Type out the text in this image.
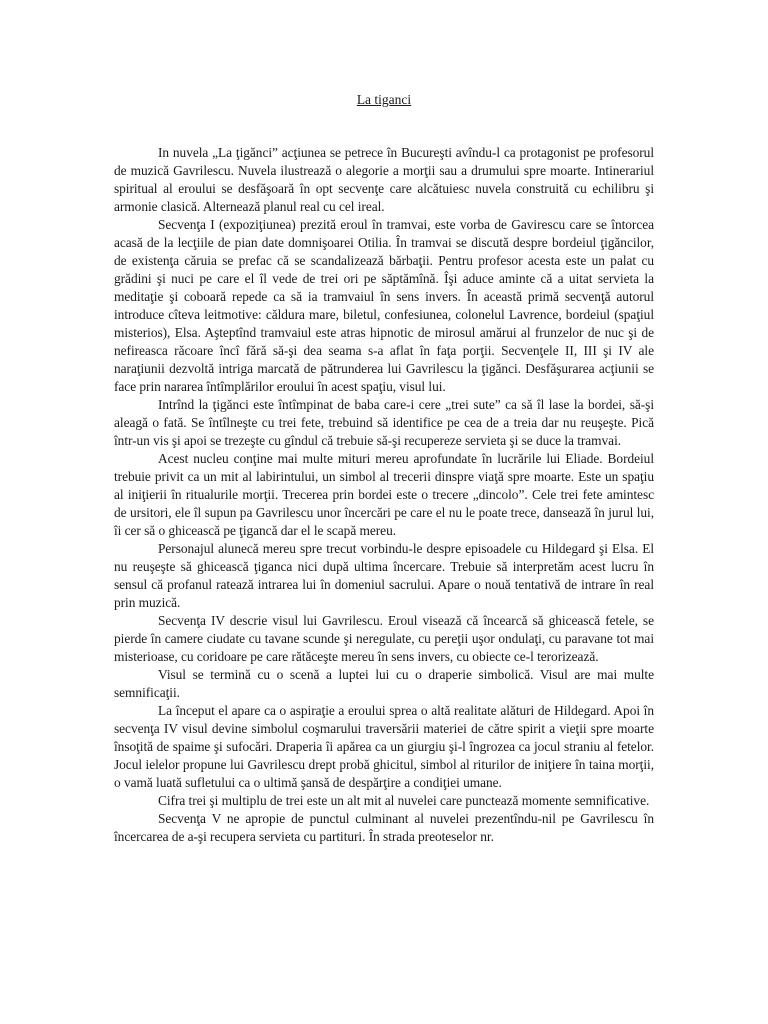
La tiganci

In nuvela „La ţigănci” acţiunea se petrece în Bucureşti avîndu-l ca protagonist pe profesorul de muzică Gavrilescu. Nuvela ilustrează o alegorie a morţii sau a drumului spre moarte. Intinerariul spiritual al eroului se desfăşoară în opt secvenţe care alcătuiesc nuvela construită cu echilibru şi armonie clasică. Alternează planul real cu cel ireal.

Secvenţa I (expoziţiunea) prezită eroul în tramvai, este vorba de Gavirescu care se întorcea acasă de la lecţiile de pian date domnişoarei Otilia. În tramvai se discută despre bordeiul ţigăncilor, de existenţa căruia se prefac că se scandalizează bărbaţii. Pentru profesor acesta este un palat cu grădini şi nuci pe care el îl vede de trei ori pe săptămînă. Îşi aduce aminte că a uitat servieta la meditaţie şi coboară repede ca să ia tramvaiul în sens invers. În această primă secvenţă autorul introduce cîteva leitmotive: căldura mare, biletul, confesiunea, colonelul Lavrence, bordeiul (spaţiul misterios), Elsa. Aşteptînd tramvaiul este atras hipnotic de mirosul amărui al frunzelor de nuc şi de nefireasca răcoare încî fără să-şi dea seama s-a aflat în faţa porţii. Secvenţele II, III şi IV ale naraţiunii dezvoltă intriga marcată de pătrunderea lui Gavrilescu la ţigănci. Desfăşurarea acţiunii se face prin nararea întîmplărilor eroului în acest spaţiu, visul lui.

Intrînd la ţigănci este întîmpinat de baba care-i cere „trei sute” ca să îl lase la bordei, să-şi aleagă o fată. Se întîlneşte cu trei fete, trebuind să identifice pe cea de a treia dar nu reuşeşte. Pică într-un vis şi apoi se trezeşte cu gîndul că trebuie să-şi recupereze servieta şi se duce la tramvai.

Acest nucleu conţine mai multe mituri mereu aprofundate în lucrările lui Eliade. Bordeiul trebuie privit ca un mit al labirintului, un simbol al trecerii dinspre viaţă spre moarte. Este un spaţiu al iniţierii în ritualurile morţii. Trecerea prin bordei este o trecere „dincolo”. Cele trei fete amintesc de ursitori, ele îl supun pa Gavrilescu unor încercări pe care el nu le poate trece, dansează în jurul lui, îi cer să o ghicească pe ţigancă dar el le scapă mereu.

Personajul alunecă mereu spre trecut vorbindu-le despre episoadele cu Hildegard şi Elsa. El nu reuşeşte să ghicească ţiganca nici după ultima încercare. Trebuie să interpretăm acest lucru în sensul că profanul ratează intrarea lui în domeniul sacrului. Apare o nouă tentativă de intrare în real prin muzică.

Secvenţa IV descrie visul lui Gavrilescu. Eroul visează că încearcă să ghicească fetele, se pierde în camere ciudate cu tavane scunde şi neregulate, cu pereţii uşor ondulaţi, cu paravane tot mai misterioase, cu coridoare pe care rătăceşte mereu în sens invers, cu obiecte ce-l terorizează.

Visul se termină cu o scenă a luptei lui cu o draperie simbolică. Visul are mai multe semnificaţii.

La început el apare ca o aspiraţie a eroului sprea o altă realitate alături de Hildegard. Apoi în secvenţa IV visul devine simbolul coşmarului traversării materiei de către spirit a vieţii spre moarte însoţită de spaime şi sufocări. Draperia îi apărea ca un giurgiu şi-l îngrozea ca jocul straniu al fetelor. Jocul ielelor propune lui Gavrilescu drept probă ghicitul, simbol al riturilor de iniţiere în taina morţii, o vamă luată sufletului ca o ultimă şansă de despărţire a condiţiei umane.

Cifra trei şi multiplu de trei este un alt mit al nuvelei care punctează momente semnificative.

Secvenţa V ne apropie de punctul culminant al nuvelei prezentîndu-nil pe Gavrilescu în încercarea de a-şi recupera servieta cu partituri. În strada preoteselor nr.
